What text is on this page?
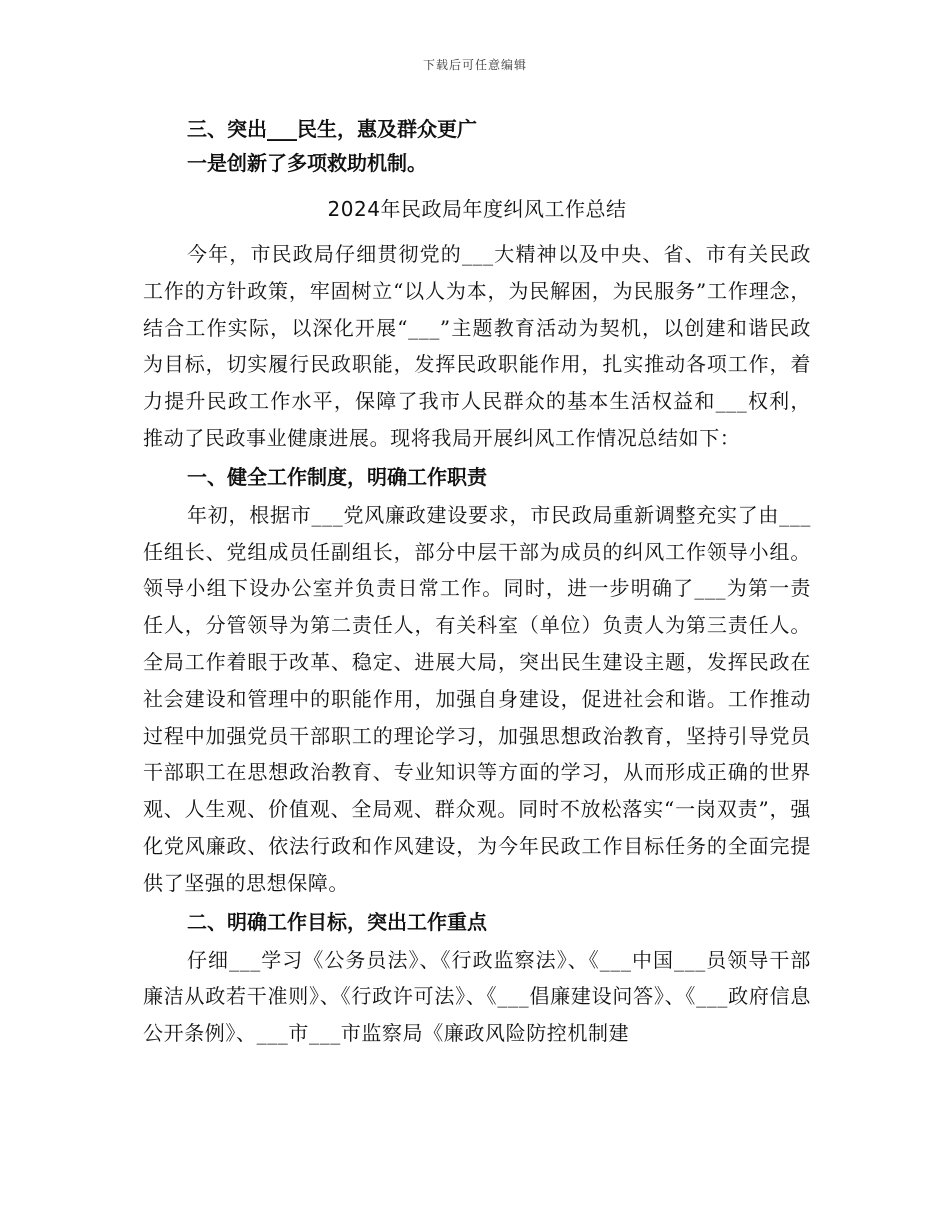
下载后可任意编辑

三、突出___民生，惠及群众更广

一是创新了多项救助机制。

2024年民政局年度纠风工作总结

今年，市民政局仔细贯彻党的___大精神以及中央、省、市有关民政工作的方针政策，牢固树立“以人为本，为民解困，为民服务”工作理念，结合工作实际，以深化开展“___”主题教育活动为契机，以创建和谐民政为目标，切实履行民政职能，发挥民政职能作用，扎实推动各项工作，着力提升民政工作水平，保障了我市人民群众的基本生活权益和___权利，推动了民政事业健康进展。现将我局开展纠风工作情况总结如下：

一、健全工作制度，明确工作职责

年初，根据市___党风廉政建设要求，市民政局重新调整充实了由___任组长、党组成员任副组长，部分中层干部为成员的纠风工作领导小组。领导小组下设办公室并负责日常工作。同时，进一步明确了___为第一责任人，分管领导为第二责任人，有关科室（单位）负责人为第三责任人。全局工作着眼于改革、稳定、进展大局，突出民生建设主题，发挥民政在社会建设和管理中的职能作用，加强自身建设，促进社会和谐。工作推动过程中加强党员干部职工的理论学习，加强思想政治教育，坚持引导党员干部职工在思想政治教育、专业知识等方面的学习，从而形成正确的世界观、人生观、价值观、全局观、群众观。同时不放松落实“一岗双责”，强化党风廉政、依法行政和作风建设，为今年民政工作目标任务的全面完提供了坚强的思想保障。

二、明确工作目标，突出工作重点

仔细___学习《公务员法》、《行政监察法》、《___中国___员领导干部廉洁从政若干准则》、《行政许可法》、《___倡廉建设问答》、《___政府信息公开条例》、___市___市监察局《廉政风险防控机制建
